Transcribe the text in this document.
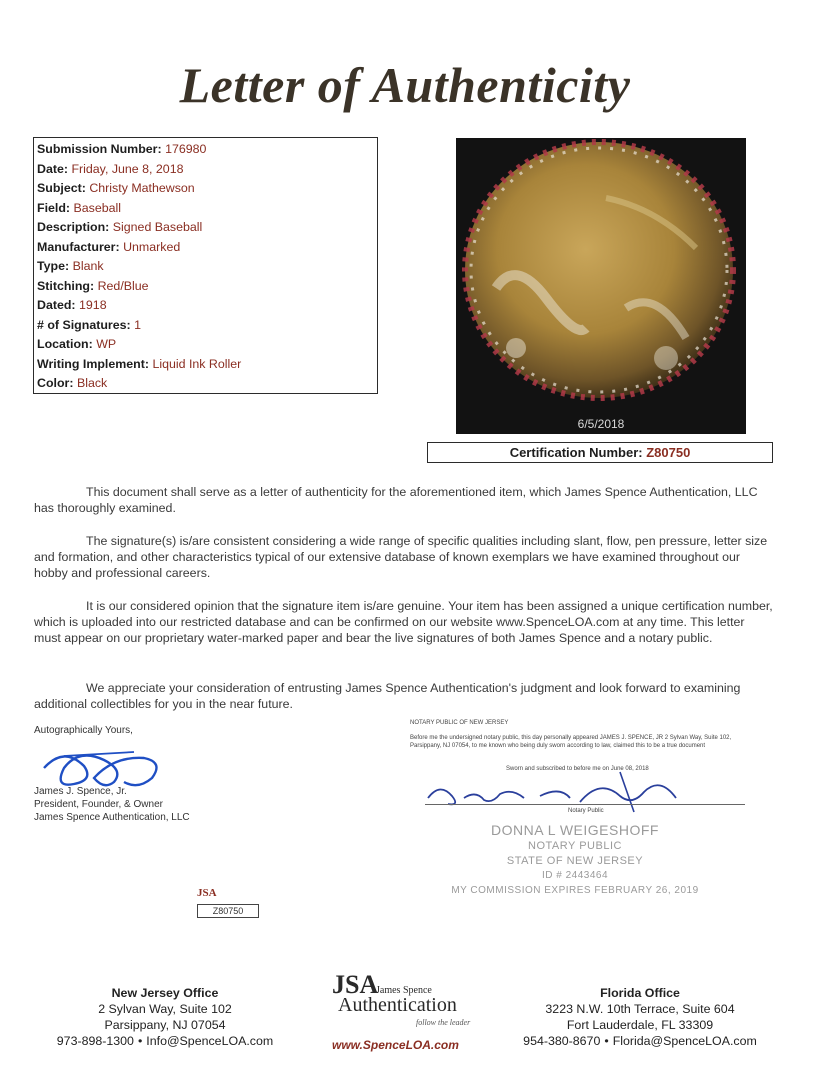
Letter of Authenticity
Submission Number: 176980
Date: Friday, June 8, 2018
Subject: Christy Mathewson
Field: Baseball
Description: Signed Baseball
Manufacturer: Unmarked
Type: Blank
Stitching: Red/Blue
Dated: 1918
# of Signatures: 1
Location: WP
Writing Implement: Liquid Ink Roller
Color: Black
6/5/2018
Certification Number: Z80750
This document shall serve as a letter of authenticity for the aforementioned item, which James Spence Authentication, LLC has thoroughly examined.
The signature(s) is/are consistent considering a wide range of specific qualities including slant, flow, pen pressure, letter size and formation, and other characteristics typical of our extensive database of known exemplars we have examined throughout our hobby and professional careers.
It is our considered opinion that the signature item is/are genuine. Your item has been assigned a unique certification number, which is uploaded into our restricted database and can be confirmed on our website www.SpenceLOA.com at any time. This letter must appear on our proprietary water-marked paper and bear the live signatures of both James Spence and a notary public.
We appreciate your consideration of entrusting James Spence Authentication's judgment and look forward to examining additional collectibles for you in the near future.
Autographically Yours,
James J. Spence, Jr.
President, Founder, & Owner
James Spence Authentication, LLC
NOTARY PUBLIC OF NEW JERSEY
Before me the undersigned notary public, this day personally appeared JAMES J. SPENCE, JR 2 Sylvan Way, Suite 102, Parsippany, NJ 07054, to me known who being duly sworn according to law, claimed this to be a true document
Sworn and subscribed to before me on June 08, 2018
Notary Public
DONNA L WEIGESHOFF
NOTARY PUBLIC
STATE OF NEW JERSEY
ID # 2443464
MY COMMISSION EXPIRES FEBRUARY 26, 2019
JSA
Z80750
New Jersey Office
2 Sylvan Way, Suite 102
Parsippany, NJ 07054
973-898-1300 • Info@SpenceLOA.com
JSA
James Spence
Authentication
follow the leader
www.SpenceLOA.com
Florida Office
3223 N.W. 10th Terrace, Suite 604
Fort Lauderdale, FL 33309
954-380-8670 • Florida@SpenceLOA.com
